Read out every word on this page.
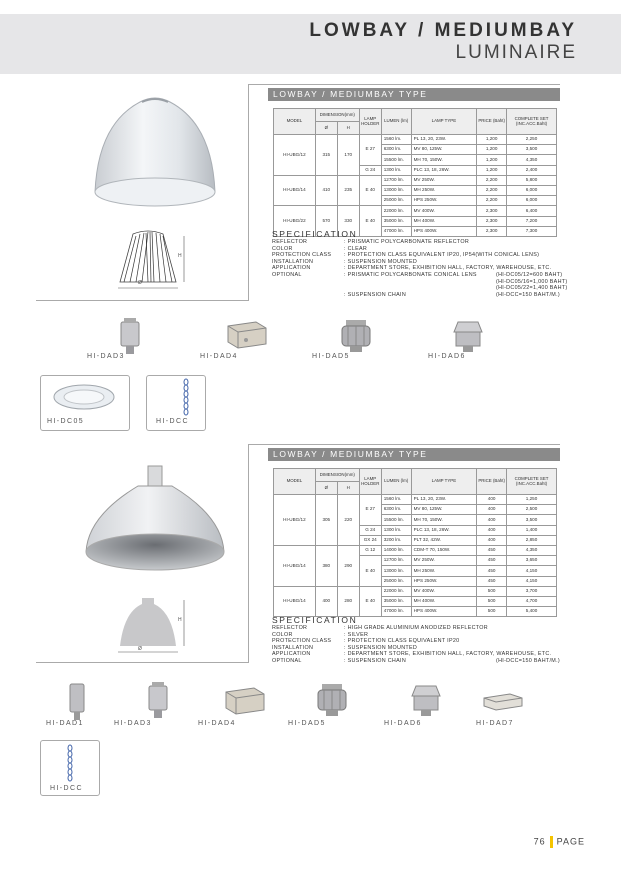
LOWBAY / MEDIUMBAY
LUMINAIRE
H
Ø
LOWBAY / MEDIUMBAY TYPE
MODEL	DIMENSION(mm)		LAMP HOLDER	LUMEN (lm)	LAMP TYPE	PRICE (Baht)	COMPLETE SET (INC.ACC.Baht)
	Ø	H					
HI-UBG/12	315	170	E 27	1560 lm.	PL 13, 20, 23W.	1,200	2,250
				6300 lm.	MV 80, 125W.	1,200	3,500
				15500 lm.	MH 70, 150W.	1,200	4,350
			G 24	1300 lm.	PLC 13, 18, 26W.	1,200	2,400
HI-UBG/14	410	235	E 40	12700 lm.	MV 250W.	2,200	5,800
				13000 lm.	MH 250W.	2,200	6,000
				25000 lm.	HPS 250W.	2,200	6,000
HI-UBG/22	570	330	E 40	22000 lm.	MV 400W.	2,300	6,400
				35000 lm.	MH 400W.	2,300	7,200
				47000 lm.	HPS 400W.	2,300	7,300
SPECIFICATION
REFLECTOR	: PRISMATIC POLYCARBONATE REFLECTOR
COLOR	: CLEAR
PROTECTION CLASS : PROTECTION CLASS EQUIVALENT IP20, IP54(WITH CONICAL LENS)
INSTALLATION	: SUSPENSION MOUNTED
APPLICATION	: DEPARTMENT STORE, EXHIBITION HALL, FACTORY, WAREHOUSE, ETC.
OPTIONAL	: PRISMATIC POLYCARBONATE CONICAL LENS	(HI-DC05/12=600 BAHT)
(HI-DC05/16=1,000 BAHT)
(HI-DC05/22=1,400 BAHT)
: SUSPENSION CHAIN	(HI-DCC=150 BAHT/M.)
HI-DAD3	HI-DAD4	HI-DAD5	HI-DAD6
HI-DC05	HI-DCC
H
Ø
LOWBAY / MEDIUMBAY TYPE
MODEL	DIMENSION(mm)		LAMP HOLDER	LUMEN (lm)	LAMP TYPE	PRICE (Baht)	COMPLETE SET (INC.ACC.Baht)
	Ø	H					
HI-UBG/12	305	220	E 27	1560 lm.	PL 13, 20, 23W.	400	1,250
				6300 lm.	MV 80, 125W.	400	2,500
				15500 lm.	MH 70, 150W.	400	3,500
			G 24	1300 lm.	PLC 13, 18, 26W.	400	1,400
			GX 24	3200 lm.	PLT 32, 42W.	400	2,850
HI-UBG/14	380	290	G 12	14000 lm.	CDM-T 70, 150W.	450	4,350
			E 40	12700 lm.	MV 250W.	450	3,650
				13000 lm.	MH 250W.	450	4,150
				25000 lm.	HPS 250W.	450	4,150
HI-UBG/14	400	280	E 40	22000 lm.	MV 400W.	500	3,700
				35000 lm.	MH 400W.	500	4,700
				47000 lm.	HPS 400W.	500	5,400
SPECIFICATION
REFLECTOR	: HIGH GRADE ALUMINIUM ANODIZED REFLECTOR
COLOR	: SILVER
PROTECTION CLASS : PROTECTION CLASS EQUIVALENT IP20
INSTALLATION	: SUSPENSION MOUNTED
APPLICATION	: DEPARTMENT STORE, EXHIBITION HALL, FACTORY, WAREHOUSE, ETC.
OPTIONAL	: SUSPENSION CHAIN	(HI-DCC=150 BAHT/M.)
HI-DAD1	HI-DAD3	HI-DAD4	HI-DAD5	HI-DAD6	HI-DAD7
HI-DCC
76 PAGE
